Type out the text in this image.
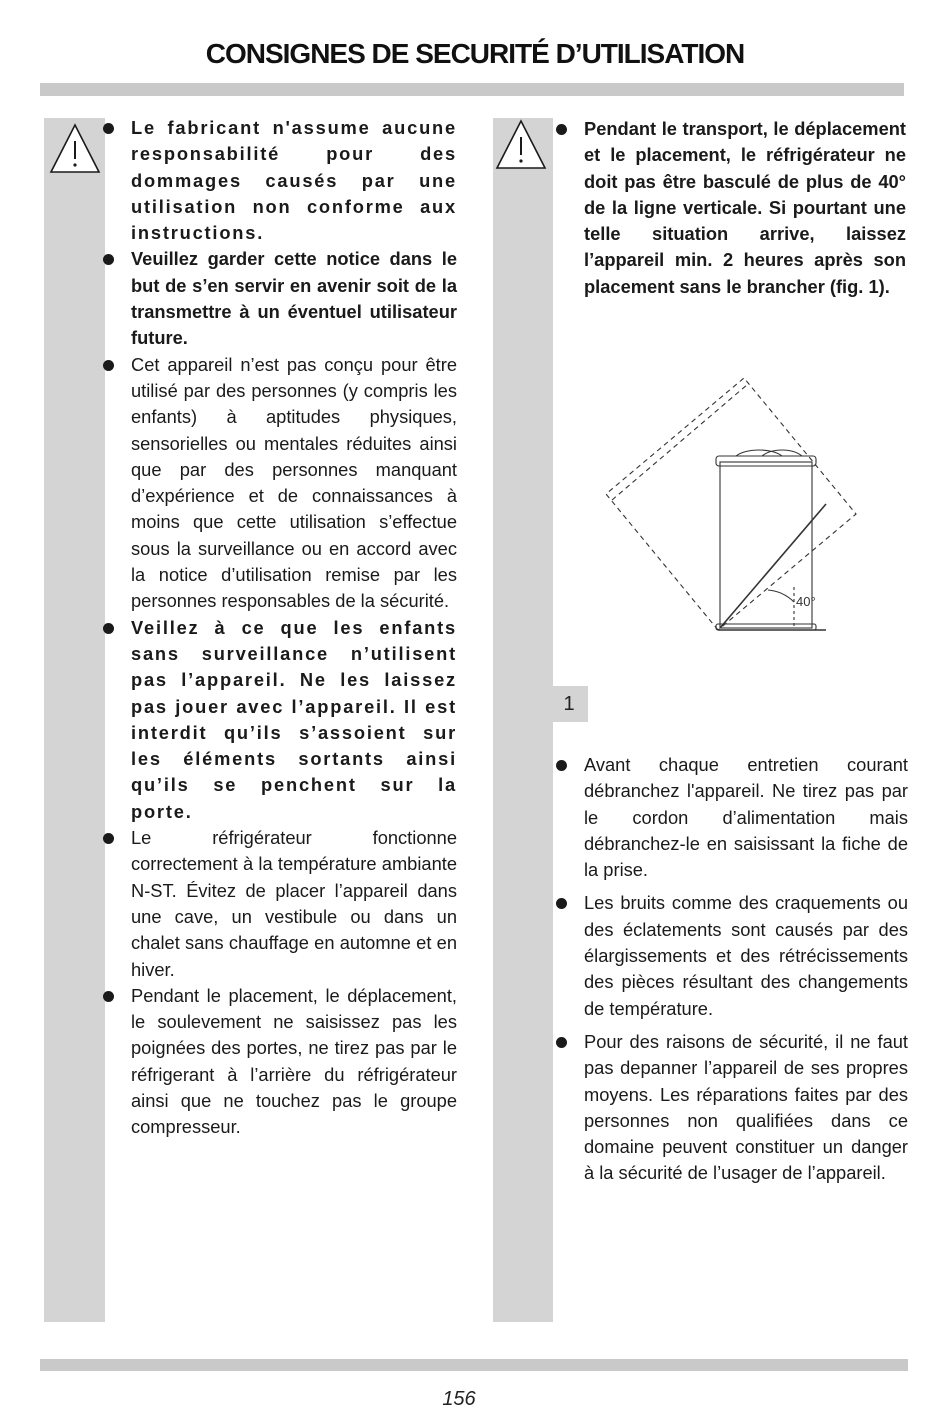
CONSIGNES DE SECURITÉ D’UTILISATION
Le fabricant n'assume aucune responsabilité pour des dommages causés par une utilisation non conforme aux instructions.
Veuillez garder cette notice dans le but de s’en servir en avenir soit de la transmettre à un éventuel utilisateur future.
Cet appareil n’est pas conçu pour être utilisé par des personnes (y compris les enfants) à aptitudes physiques, sensorielles ou mentales réduites ainsi que par des personnes manquant d’expérience et de connaissances à moins que cette utilisation s’effectue sous la surveillance ou en accord avec la notice d’utilisation remise par les personnes responsables de la sécurité.
Veillez à ce que les enfants sans surveillance n’utilisent pas l’appareil. Ne les laissez pas jouer avec l’appareil. Il est interdit qu’ils s’assoient sur les éléments sortants ainsi qu’ils se penchent sur la porte.
Le réfrigérateur fonctionne correctement à la température ambiante N-ST. Évitez de placer l’appareil dans une cave, un vestibule ou dans un chalet sans chauffage en automne et en hiver.
Pendant le placement, le déplacement, le soulevement ne saisissez pas les poignées des portes, ne tirez pas par le réfrigerant à l’arrière du réfrigérateur ainsi que ne touchez pas le groupe compresseur.
Pendant le transport, le déplacement et le placement, le réfrigérateur ne doit pas être basculé de plus de 40° de la ligne verticale. Si pourtant une telle situation arrive, laissez l’appareil min. 2 heures après son placement sans le brancher (fig. 1).
40°
1
Avant chaque entretien courant débranchez l'appareil. Ne tirez pas par le cordon d’alimentation mais débranchez-le en saisissant la fiche de la prise.
Les bruits comme des craquements ou des éclatements sont causés par des élargissements et des rétrécissements des pièces résultant des changements de température.
Pour des raisons de sécurité, il ne faut pas depanner l’appareil de ses propres moyens. Les réparations faites par des personnes non qualifiées dans ce domaine peuvent constituer un danger à la sécurité de l’usager de l’appareil.
156
